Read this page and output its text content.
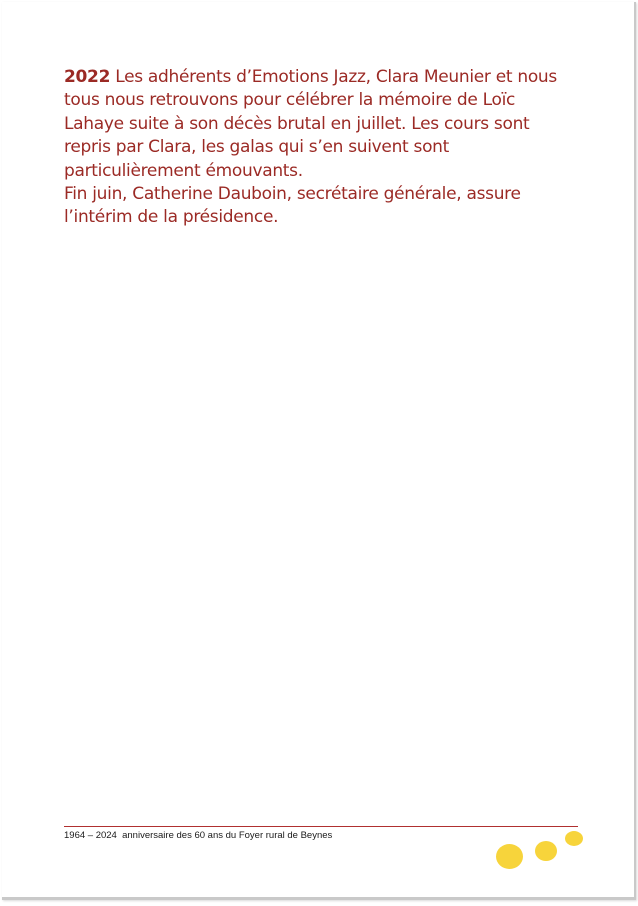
2022 Les adhérents d’Emotions Jazz, Clara Meunier et nous tous nous retrouvons pour célébrer la mémoire de Loïc Lahaye suite à son décès brutal en juillet. Les cours sont repris par Clara, les galas qui s’en suivent sont particulièrement émouvants.

Fin juin, Catherine Dauboin, secrétaire générale, assure l’intérim de la présidence.

1964 – 2024  anniversaire des 60 ans du Foyer rural de Beynes
